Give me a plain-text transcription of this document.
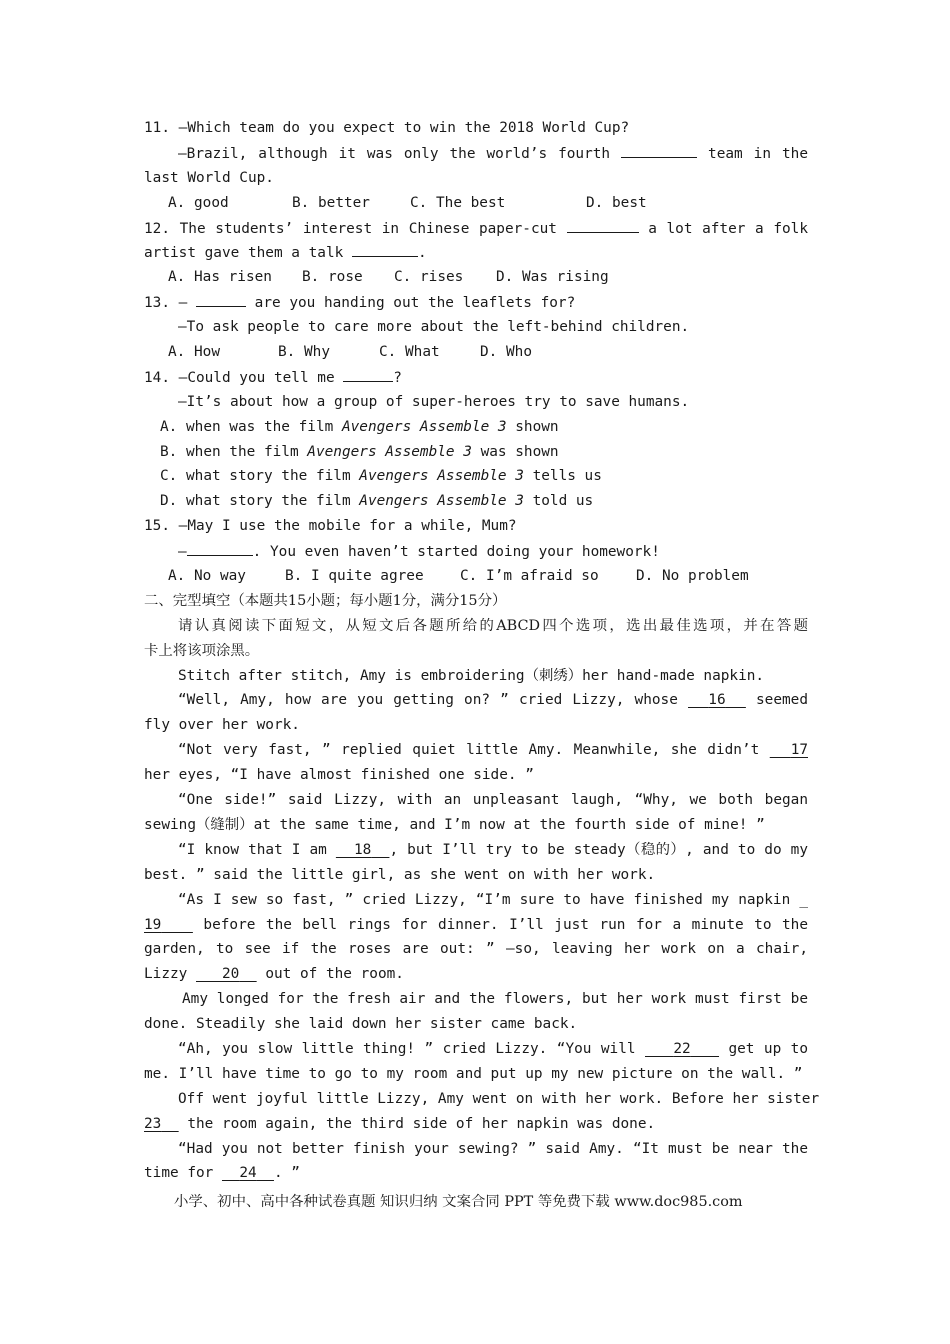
11. —Which team do you expect to win the 2018 World Cup?
—Brazil, although it was only the world’s fourth	team in the
last World Cup.
A. good	B. better	C. The best	D. best
12. The students’ interest in Chinese paper-cut	a lot after a folk
artist gave them a talk	.
A. Has risen B. rose C. rises D. Was rising
13. —	are you handing out the leaflets for?
—To ask people to care more about the left-behind children.
A. How	B. Why	C. What	D. Who
14. —Could you tell me	?
—It’s about how a group of super-heroes try to save humans.
A. when was the film Avengers Assemble 3 shown
B. when the film Avengers Assemble 3 was shown
C. what story the film Avengers Assemble 3 tells us
D. what story the film Avengers Assemble 3 told us
15. —May I use the mobile for a while, Mum?
—	. You even haven’t started doing your homework!
A. No way	B. I quite agree	C. I’m afraid so	D. No problem
二、完型填空（本题共15小题；每小题1分，满分15分）
请认真阅读下面短文，从短文后各题所给的ABCD四个选项，选出最佳选项，并在答题
卡上将该项涂黑。
Stitch after stitch, Amy is embroidering（刺绣）her hand-made napkin.
“Well, Amy, how are you getting on? ” cried Lizzy, whose 16 seemed
fly over her work.
“Not very fast, ” replied quiet little Amy. Meanwhile, she didn’t 17
her eyes, “I have almost finished one side. ”
“One side!” said Lizzy, with an unpleasant laugh, “Why, we both began
sewing（缝制）at the same time, and I’m now at the fourth side of mine! ”
“I know that I am 18 , but I’ll try to be steady（稳的）, and to do my
best. ” said the little girl, as she went on with her work.
“As I sew so fast, ” cried Lizzy, “I’m sure to have finished my napkin _
19	before the bell rings for dinner. I’ll just run for a minute to the
garden, to see if the roses are out: ” —so, leaving her work on a chair,
Lizzy 20 out of the room.
Amy longed for the fresh air and the flowers, but her work must first be
done. Steadily she laid down her sister came back.
“Ah, you slow little thing! ” cried Lizzy. “You will	22	get up to
me. I’ll have time to go to my room and put up my new picture on the wall. ”
Off went joyful little Lizzy, Amy went on with her work. Before her sister
23 the room again, the third side of her napkin was done.
“Had you not better finish your sewing? ” said Amy. “It must be near the
time for 24 . ”
小学、初中、高中各种试卷真题 知识归纳 文案合同 PPT 等免费下载 www.doc985.com
